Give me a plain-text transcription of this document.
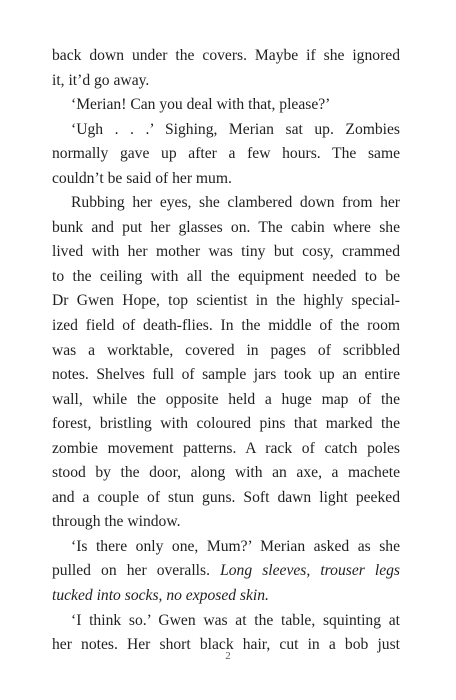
back down under the covers. Maybe if she ignored
it, it’d go away.
‘Merian! Can you deal with that, please?’
‘Ugh . . .’ Sighing, Merian sat up. Zombies
normally gave up after a few hours. The same
couldn’t be said of her mum.
Rubbing her eyes, she clambered down from her
bunk and put her glasses on. The cabin where she
lived with her mother was tiny but cosy, crammed
to the ceiling with all the equipment needed to be
Dr Gwen Hope, top scientist in the highly special-
ized field of death-flies. In the middle of the room
was a worktable, covered in pages of scribbled
notes. Shelves full of sample jars took up an entire
wall, while the opposite held a huge map of the
forest, bristling with coloured pins that marked the
zombie movement patterns. A rack of catch poles
stood by the door, along with an axe, a machete
and a couple of stun guns. Soft dawn light peeked
through the window.
‘Is there only one, Mum?’ Merian asked as she
pulled on her overalls. Long sleeves, trouser legs
tucked into socks, no exposed skin.
‘I think so.’ Gwen was at the table, squinting at
her notes. Her short black hair, cut in a bob just
2
